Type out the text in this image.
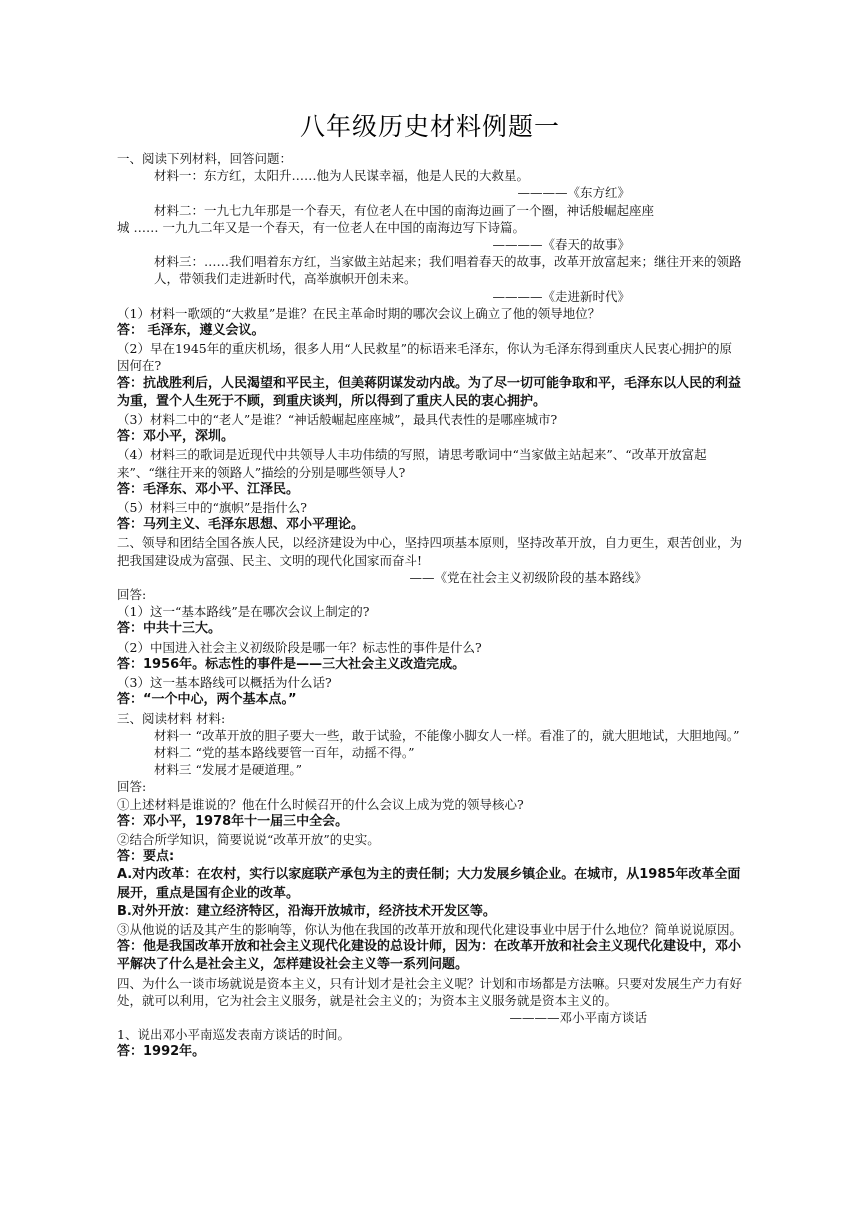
八年级历史材料例题一
一、阅读下列材料，回答问题：
材料一：东方红，太阳升……他为人民谋幸福，他是人民的大救星。
————《东方红》
材料二：一九七九年那是一个春天，有位老人在中国的南海边画了一个圈，神话般崛起座座
城 …… 一九九二年又是一个春天，有一位老人在中国的南海边写下诗篇。
————《春天的故事》
材料三：……我们唱着东方红，当家做主站起来；我们唱着春天的故事，改革开放富起来；继往开来的领路人，带领我们走进新时代，高举旗帜开创未来。
————《走进新时代》
（1）材料一歌颂的“大救星”是谁？在民主革命时期的哪次会议上确立了他的领导地位？
答： 毛泽东，遵义会议。
（2）早在1945年的重庆机场，很多人用“人民救星”的标语来毛泽东，你认为毛泽东得到重庆人民衷心拥护的原因何在?
答：抗战胜利后，人民渴望和平民主，但美蒋阴谋发动内战。为了尽一切可能争取和平，毛泽东以人民的利益为重，置个人生死于不顾，到重庆谈判，所以得到了重庆人民的衷心拥护。
（3）材料二中的“老人”是谁？“神话般崛起座座城”，最具代表性的是哪座城市?
答：邓小平，深圳。
（4）材料三的歌词是近现代中共领导人丰功伟绩的写照，请思考歌词中“当家做主站起来”、“改革开放富起来”、“继往开来的领路人”描绘的分别是哪些领导人?
答：毛泽东、邓小平、江泽民。
（5）材料三中的“旗帜”是指什么?
答：马列主义、毛泽东思想、邓小平理论。
二、领导和团结全国各族人民，以经济建设为中心，坚持四项基本原则，坚持改革开放，自力更生，艰苦创业，为把我国建设成为富强、民主、文明的现代化国家而奋斗!
——《党在社会主义初级阶段的基本路线》
回答:
（1）这一“基本路线”是在哪次会议上制定的?
答：中共十三大。
（2）中国进入社会主义初级阶段是哪一年？标志性的事件是什么?
答：1956年。标志性的事件是——三大社会主义改造完成。
（3）这一基本路线可以概括为什么话?
答：“一个中心，两个基本点。”
三、阅读材料 材料:
材料一 “改革开放的胆子要大一些，敢于试验，不能像小脚女人一样。看准了的，就大胆地试，大胆地闯。”
材料二 “党的基本路线要管一百年，动摇不得。”
材料三 “发展才是硬道理。”
回答:
①上述材料是谁说的？他在什么时候召开的什么会议上成为党的领导核心?
答：邓小平，1978年十一届三中全会。
②结合所学知识，简要说说“改革开放”的史实。
答：要点:
A.对内改革：在农村，实行以家庭联产承包为主的责任制；大力发展乡镇企业。在城市，从1985年改革全面展开，重点是国有企业的改革。
B.对外开放：建立经济特区，沿海开放城市，经济技术开发区等。
③从他说的话及其产生的影响等，你认为他在我国的改革开放和现代化建设事业中居于什么地位？简单说说原因。
答：他是我国改革开放和社会主义现代化建设的总设计师，因为：在改革开放和社会主义现代化建设中，邓小平解决了什么是社会主义，怎样建设社会主义等一系列问题。
四、为什么一谈市场就说是资本主义，只有计划才是社会主义呢？计划和市场都是方法嘛。只要对发展生产力有好处，就可以利用，它为社会主义服务，就是社会主义的；为资本主义服务就是资本主义的。
————邓小平南方谈话
1、说出邓小平南巡发表南方谈话的时间。
答：1992年。
